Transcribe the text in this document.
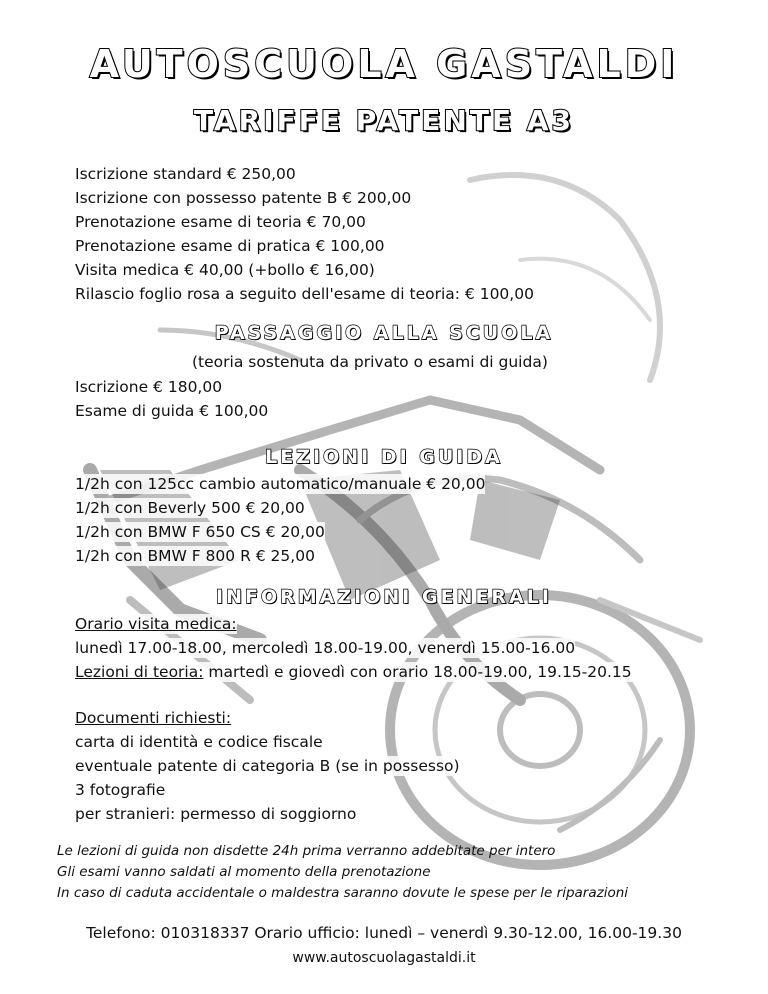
AUTOSCUOLA GASTALDI
TARIFFE PATENTE A3
Iscrizione standard € 250,00
Iscrizione con possesso patente B € 200,00
Prenotazione esame di teoria € 70,00
Prenotazione esame di pratica € 100,00
Visita medica € 40,00 (+bollo € 16,00)
Rilascio foglio rosa a seguito dell'esame di teoria: € 100,00
PASSAGGIO ALLA SCUOLA
(teoria sostenuta da privato o esami di guida)
Iscrizione € 180,00
Esame di guida € 100,00
LEZIONI DI GUIDA
1/2h con 125cc cambio automatico/manuale € 20,00
1/2h con Beverly 500 € 20,00
1/2h con BMW F 650 CS € 20,00
1/2h con BMW F 800 R € 25,00
INFORMAZIONI GENERALI
Orario visita medica:
lunedì 17.00-18.00, mercoledì 18.00-19.00, venerdì 15.00-16.00
Lezioni di teoria: martedì e giovedì con orario 18.00-19.00, 19.15-20.15
Documenti richiesti:
carta di identità e codice fiscale
eventuale patente di categoria B (se in possesso)
3 fotografie
per stranieri: permesso di soggiorno
Le lezioni di guida non disdette 24h prima verranno addebitate per intero
Gli esami vanno saldati al momento della prenotazione
In caso di caduta accidentale o maldestra saranno dovute le spese per le riparazioni
Telefono: 010318337 Orario ufficio: lunedì – venerdì 9.30-12.00, 16.00-19.30
www.autoscuolagastaldi.it
